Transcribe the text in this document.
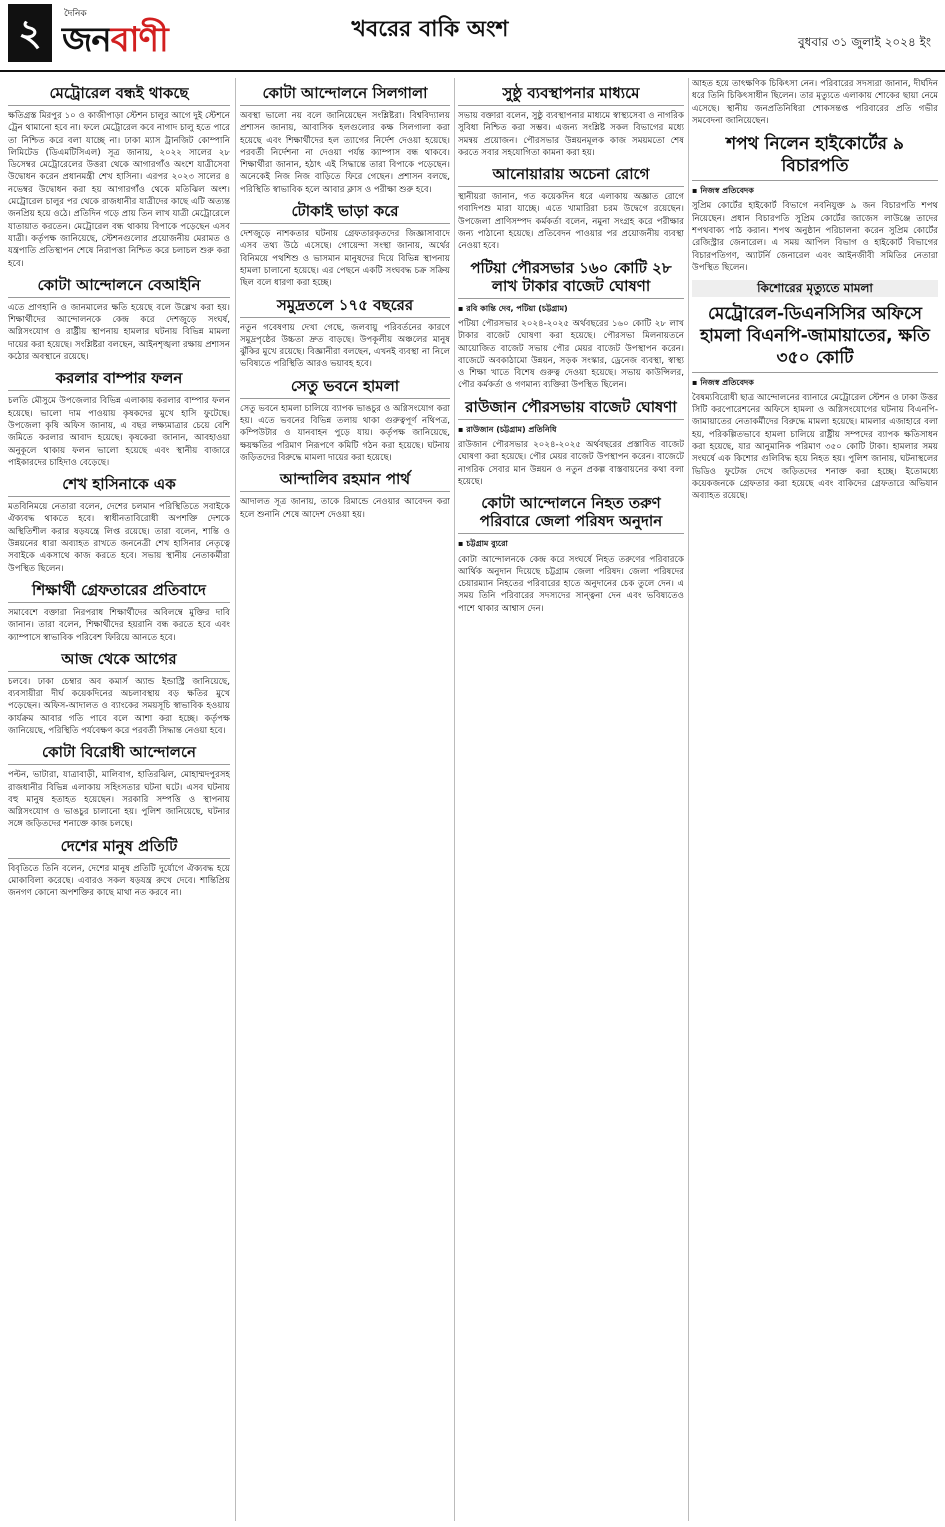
২	দৈনিক
জনবাণী	খবরের বাকি অংশ	বুধবার ৩১ জুলাই ২০২৪ ইং
মেট্রোরেল বন্ধই থাকছে

ক্ষতিগ্রস্ত মিরপুর ১০ ও কাজীপাড়া স্টেশন চালুর আগে দুই স্টেশনে ট্রেন থামানো হবে না। ফলে মেট্রোরেল কবে নাগাদ চালু হতে পারে তা নিশ্চিত করে বলা যাচ্ছে না। ঢাকা ম্যাস ট্রানজিট কোম্পানি লিমিটেড (ডিএমটিসিএল) সূত্র জানায়, ২০২২ সালের ২৮ ডিসেম্বর মেট্রোরেলের উত্তরা থেকে আগারগাঁও অংশে যাত্রীসেবা উদ্বোধন করেন প্রধানমন্ত্রী শেখ হাসিনা। এরপর ২০২৩ সালের ৪ নভেম্বর উদ্বোধন করা হয় আগারগাঁও থেকে মতিঝিল অংশ। মেট্রোরেল চালুর পর থেকে রাজধানীর যাত্রীদের কাছে এটি অত্যন্ত জনপ্রিয় হয়ে ওঠে। প্রতিদিন গড়ে প্রায় তিন লাখ যাত্রী মেট্রোরেলে যাতায়াত করতেন। মেট্রোরেল বন্ধ থাকায় বিপাকে পড়েছেন এসব যাত্রী। কর্তৃপক্ষ জানিয়েছে, স্টেশনগুলোর প্রয়োজনীয় মেরামত ও যন্ত্রপাতি প্রতিস্থাপন শেষে নিরাপত্তা নিশ্চিত করে চলাচল শুরু করা হবে।

কোটা আন্দোলনে বেআইনি

এতে প্রাণহানি ও জানমালের ক্ষতি হয়েছে বলে উল্লেখ করা হয়। শিক্ষার্থীদের আন্দোলনকে কেন্দ্র করে দেশজুড়ে সংঘর্ষ, অগ্নিসংযোগ ও রাষ্ট্রীয় স্থাপনায় হামলার ঘটনায় বিভিন্ন মামলা দায়ের করা হয়েছে। সংশ্লিষ্টরা বলছেন, আইনশৃঙ্খলা রক্ষায় প্রশাসন কঠোর অবস্থানে রয়েছে।

করলার বাম্পার ফলন

চলতি মৌসুমে উপজেলার বিভিন্ন এলাকায় করলার বাম্পার ফলন হয়েছে। ভালো দাম পাওয়ায় কৃষকদের মুখে হাসি ফুটেছে। উপজেলা কৃষি অফিস জানায়, এ বছর লক্ষ্যমাত্রার চেয়ে বেশি জমিতে করলার আবাদ হয়েছে। কৃষকেরা জানান, আবহাওয়া অনুকূলে থাকায় ফলন ভালো হয়েছে এবং স্থানীয় বাজারে পাইকারদের চাহিদাও বেড়েছে।

শেখ হাসিনাকে এক

মতবিনিময়ে নেতারা বলেন, দেশের চলমান পরিস্থিতিতে সবাইকে ঐক্যবদ্ধ থাকতে হবে। স্বাধীনতাবিরোধী অপশক্তি দেশকে অস্থিতিশীল করার ষড়যন্ত্রে লিপ্ত রয়েছে। তারা বলেন, শান্তি ও উন্নয়নের ধারা অব্যাহত রাখতে জননেত্রী শেখ হাসিনার নেতৃত্বে সবাইকে একসাথে কাজ করতে হবে। সভায় স্থানীয় নেতাকর্মীরা উপস্থিত ছিলেন।

শিক্ষার্থী গ্রেফতারের প্রতিবাদে

সমাবেশে বক্তারা নিরপরাধ শিক্ষার্থীদের অবিলম্বে মুক্তির দাবি জানান। তারা বলেন, শিক্ষার্থীদের হয়রানি বন্ধ করতে হবে এবং ক্যাম্পাসে স্বাভাবিক পরিবেশ ফিরিয়ে আনতে হবে।

আজ থেকে আগের

চলবে। ঢাকা চেম্বার অব কমার্স অ্যান্ড ইন্ডাস্ট্রি জানিয়েছে, ব্যবসায়ীরা দীর্ঘ কয়েকদিনের অচলাবস্থায় বড় ক্ষতির মুখে পড়েছেন। অফিস-আদালত ও ব্যাংকের সময়সূচি স্বাভাবিক হওয়ায় কার্যক্রম আবার গতি পাবে বলে আশা করা হচ্ছে। কর্তৃপক্ষ জানিয়েছে, পরিস্থিতি পর্যবেক্ষণ করে পরবর্তী সিদ্ধান্ত নেওয়া হবে।

কোটা বিরোধী আন্দোলনে

পল্টন, ভাটারা, যাত্রাবাড়ী, মালিবাগ, হাতিরঝিল, মোহাম্মদপুরসহ রাজধানীর বিভিন্ন এলাকায় সহিংসতার ঘটনা ঘটে। এসব ঘটনায় বহু মানুষ হতাহত হয়েছেন। সরকারি সম্পত্তি ও স্থাপনায় অগ্নিসংযোগ ও ভাঙচুর চালানো হয়। পুলিশ জানিয়েছে, ঘটনার সঙ্গে জড়িতদের শনাক্তে কাজ চলছে।

দেশের মানুষ প্রতিটি

বিবৃতিতে তিনি বলেন, দেশের মানুষ প্রতিটি দুর্যোগে ঐক্যবদ্ধ হয়ে মোকাবিলা করেছে। এবারও সকল ষড়যন্ত্র রুখে দেবে। শান্তিপ্রিয় জনগণ কোনো অপশক্তির কাছে মাথা নত করবে না।

কোটা আন্দোলনে সিলগালা

অবস্থা ভালো নয় বলে জানিয়েছেন সংশ্লিষ্টরা। বিশ্ববিদ্যালয় প্রশাসন জানায়, আবাসিক হলগুলোর কক্ষ সিলগালা করা হয়েছে এবং শিক্ষার্থীদের হল ত্যাগের নির্দেশ দেওয়া হয়েছে। পরবর্তী নির্দেশনা না দেওয়া পর্যন্ত ক্যাম্পাস বন্ধ থাকবে। শিক্ষার্থীরা জানান, হঠাৎ এই সিদ্ধান্তে তারা বিপাকে পড়েছেন। অনেকেই নিজ নিজ বাড়িতে ফিরে গেছেন। প্রশাসন বলছে, পরিস্থিতি স্বাভাবিক হলে আবার ক্লাস ও পরীক্ষা শুরু হবে।

টোকাই ভাড়া করে

দেশজুড়ে নাশকতার ঘটনায় গ্রেফতারকৃতদের জিজ্ঞাসাবাদে এসব তথ্য উঠে এসেছে। গোয়েন্দা সংস্থা জানায়, অর্থের বিনিময়ে পথশিশু ও ভাসমান মানুষদের দিয়ে বিভিন্ন স্থাপনায় হামলা চালানো হয়েছে। এর পেছনে একটি সংঘবদ্ধ চক্র সক্রিয় ছিল বলে ধারণা করা হচ্ছে।

সমুদ্রতলে ১৭৫ বছরের

নতুন গবেষণায় দেখা গেছে, জলবায়ু পরিবর্তনের কারণে সমুদ্রপৃষ্ঠের উচ্চতা দ্রুত বাড়ছে। উপকূলীয় অঞ্চলের মানুষ ঝুঁকির মুখে রয়েছে। বিজ্ঞানীরা বলছেন, এখনই ব্যবস্থা না নিলে ভবিষ্যতে পরিস্থিতি আরও ভয়াবহ হবে।

সেতু ভবনে হামলা

সেতু ভবনে হামলা চালিয়ে ব্যাপক ভাঙচুর ও অগ্নিসংযোগ করা হয়। এতে ভবনের বিভিন্ন তলায় থাকা গুরুত্বপূর্ণ নথিপত্র, কম্পিউটার ও যানবাহন পুড়ে যায়। কর্তৃপক্ষ জানিয়েছে, ক্ষয়ক্ষতির পরিমাণ নিরূপণে কমিটি গঠন করা হয়েছে। ঘটনায় জড়িতদের বিরুদ্ধে মামলা দায়ের করা হয়েছে।

আন্দালিব রহমান পার্থ

আদালত সূত্র জানায়, তাকে রিমান্ডে নেওয়ার আবেদন করা হলে শুনানি শেষে আদেশ দেওয়া হয়।

সুষ্ঠু ব্যবস্থাপনার মাধ্যমে

সভায় বক্তারা বলেন, সুষ্ঠু ব্যবস্থাপনার মাধ্যমে স্বাস্থ্যসেবা ও নাগরিক সুবিধা নিশ্চিত করা সম্ভব। এজন্য সংশ্লিষ্ট সকল বিভাগের মধ্যে সমন্বয় প্রয়োজন। পৌরসভার উন্নয়নমূলক কাজ সময়মতো শেষ করতে সবার সহযোগিতা কামনা করা হয়।

আনোয়ারায় অচেনা রোগে

স্থানীয়রা জানান, গত কয়েকদিন ধরে এলাকায় অজ্ঞাত রোগে গবাদিপশু মারা যাচ্ছে। এতে খামারিরা চরম উদ্বেগে রয়েছেন। উপজেলা প্রাণিসম্পদ কর্মকর্তা বলেন, নমুনা সংগ্রহ করে পরীক্ষার জন্য পাঠানো হয়েছে। প্রতিবেদন পাওয়ার পর প্রয়োজনীয় ব্যবস্থা নেওয়া হবে।

পটিয়া পৌরসভার ১৬০ কোটি ২৮ লাখ টাকার বাজেট ঘোষণা
▪ রবি কান্তি দেব, পটিয়া (চট্টগ্রাম)

পটিয়া পৌরসভার ২০২৪-২০২৫ অর্থবছরের ১৬০ কোটি ২৮ লাখ টাকার বাজেট ঘোষণা করা হয়েছে। পৌরসভা মিলনায়তনে আয়োজিত বাজেট সভায় পৌর মেয়র বাজেট উপস্থাপন করেন। বাজেটে অবকাঠামো উন্নয়ন, সড়ক সংস্কার, ড্রেনেজ ব্যবস্থা, স্বাস্থ্য ও শিক্ষা খাতে বিশেষ গুরুত্ব দেওয়া হয়েছে। সভায় কাউন্সিলর, পৌর কর্মকর্তা ও গণমান্য ব্যক্তিরা উপস্থিত ছিলেন।

রাউজান পৌরসভায় বাজেট ঘোষণা
▪ রাউজান (চট্টগ্রাম) প্রতিনিধি

রাউজান পৌরসভার ২০২৪-২০২৫ অর্থবছরের প্রস্তাবিত বাজেট ঘোষণা করা হয়েছে। পৌর মেয়র বাজেট উপস্থাপন করেন। বাজেটে নাগরিক সেবার মান উন্নয়ন ও নতুন প্রকল্প বাস্তবায়নের কথা বলা হয়েছে।

কোটা আন্দোলনে নিহত তরুণ পরিবারে জেলা পরিষদ অনুদান
▪ চট্টগ্রাম ব্যুরো

কোটা আন্দোলনকে কেন্দ্র করে সংঘর্ষে নিহত তরুণের পরিবারকে আর্থিক অনুদান দিয়েছে চট্টগ্রাম জেলা পরিষদ। জেলা পরিষদের চেয়ারম্যান নিহতের পরিবারের হাতে অনুদানের চেক তুলে দেন। এ সময় তিনি পরিবারের সদস্যদের সান্ত্বনা দেন এবং ভবিষ্যতেও পাশে থাকার আশ্বাস দেন।

আহত হয়ে তাৎক্ষণিক চিকিৎসা নেন। পরিবারের সদস্যরা জানান, দীর্ঘদিন ধরে তিনি চিকিৎসাধীন ছিলেন। তার মৃত্যুতে এলাকায় শোকের ছায়া নেমে এসেছে। স্থানীয় জনপ্রতিনিধিরা শোকসন্তপ্ত পরিবারের প্রতি গভীর সমবেদনা জানিয়েছেন।

শপথ নিলেন হাইকোর্টের ৯ বিচারপতি
▪ নিজস্ব প্রতিবেদক

সুপ্রিম কোর্টের হাইকোর্ট বিভাগে নবনিযুক্ত ৯ জন বিচারপতি শপথ নিয়েছেন। প্রধান বিচারপতি সুপ্রিম কোর্টের জাজেস লাউঞ্জে তাদের শপথবাক্য পাঠ করান। শপথ অনুষ্ঠান পরিচালনা করেন সুপ্রিম কোর্টের রেজিস্ট্রার জেনারেল। এ সময় আপিল বিভাগ ও হাইকোর্ট বিভাগের বিচারপতিগণ, অ্যাটর্নি জেনারেল এবং আইনজীবী সমিতির নেতারা উপস্থিত ছিলেন।

কিশোরের মৃত্যুতে মামলা
মেট্রোরেল-ডিএনসিসির অফিসে হামলা বিএনপি-জামায়াতের, ক্ষতি ৩৫০ কোটি
▪ নিজস্ব প্রতিবেদক

বৈষম্যবিরোধী ছাত্র আন্দোলনের ব্যানারে মেট্রোরেল স্টেশন ও ঢাকা উত্তর সিটি করপোরেশনের অফিসে হামলা ও অগ্নিসংযোগের ঘটনায় বিএনপি-জামায়াতের নেতাকর্মীদের বিরুদ্ধে মামলা হয়েছে। মামলার এজাহারে বলা হয়, পরিকল্পিতভাবে হামলা চালিয়ে রাষ্ট্রীয় সম্পদের ব্যাপক ক্ষতিসাধন করা হয়েছে, যার আনুমানিক পরিমাণ ৩৫০ কোটি টাকা। হামলার সময় সংঘর্ষে এক কিশোর গুলিবিদ্ধ হয়ে নিহত হয়। পুলিশ জানায়, ঘটনাস্থলের ভিডিও ফুটেজ দেখে জড়িতদের শনাক্ত করা হচ্ছে। ইতোমধ্যে কয়েকজনকে গ্রেফতার করা হয়েছে এবং বাকিদের গ্রেফতারে অভিযান অব্যাহত রয়েছে।
